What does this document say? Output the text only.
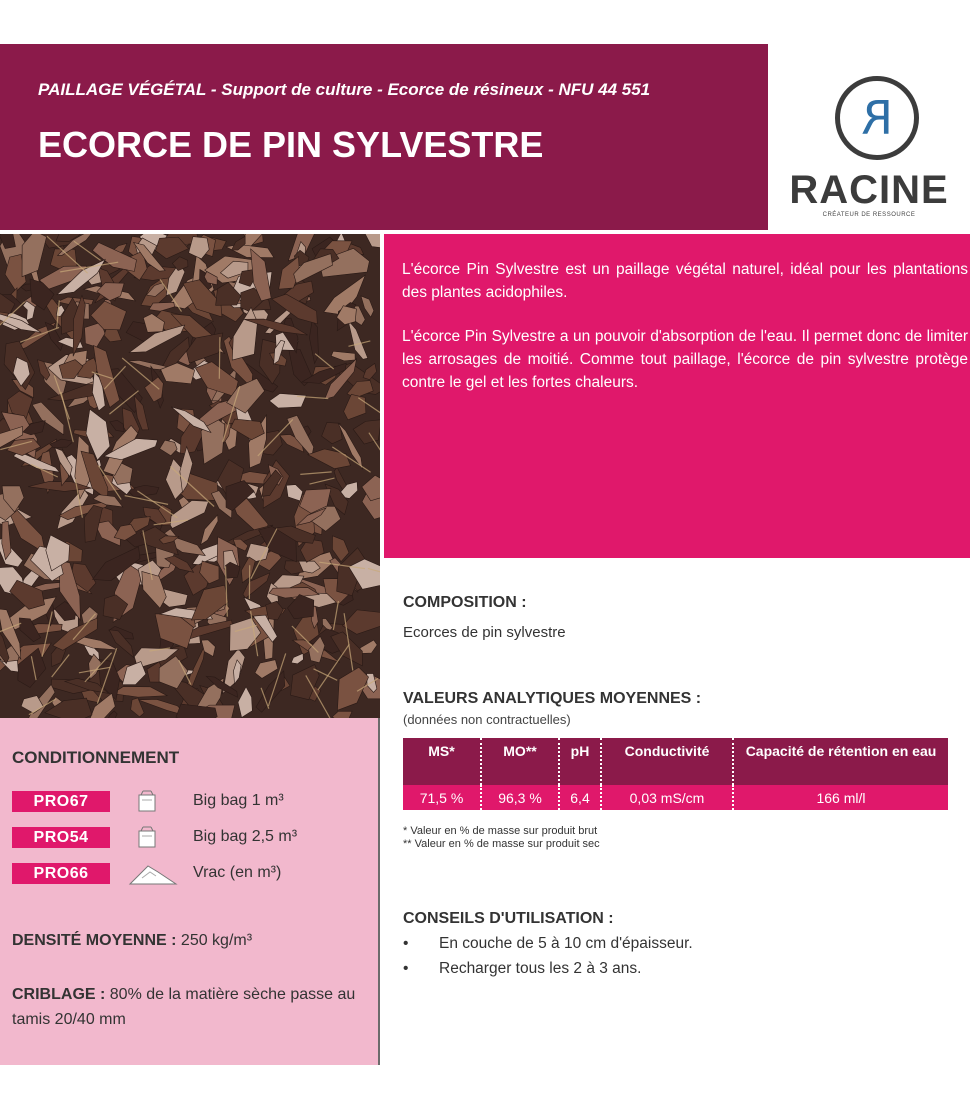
PAILLAGE VÉGÉTAL - Support de culture - Ecorce de résineux - NFU 44 551
ECORCE DE PIN SYLVESTRE	R
RACINE
CRÉATEUR DE RESSOURCE

L'écorce Pin Sylvestre est un paillage végétal naturel, idéal pour les plantations des plantes acidophiles.

L'écorce Pin Sylvestre a un pouvoir d'absorption de l'eau. Il permet donc de limiter les arrosages de moitié. Comme tout paillage, l'écorce de pin sylvestre protège contre le gel et les fortes chaleurs.

CONDITIONNEMENT
PRO67	Big bag 1 m³
PRO54	Big bag 2,5 m³
PRO66	Vrac (en m³)
DENSITÉ MOYENNE : 250 kg/m³
CRIBLAGE : 80% de la matière sèche passe au tamis 20/40 mm
COMPOSITION :
Ecorces de pin sylvestre
VALEURS ANALYTIQUES MOYENNES :
(données non contractuelles)
MS*	MO**	pH	Conductivité	Capacité de rétention en eau
71,5 %	96,3 %	6,4	0,03 mS/cm	166 ml/l
* Valeur en % de masse sur produit brut
** Valeur en % de masse sur produit sec
CONSEILS D'UTILISATION :
• En couche de 5 à 10 cm d'épaisseur.
• Recharger tous les 2 à 3 ans.
